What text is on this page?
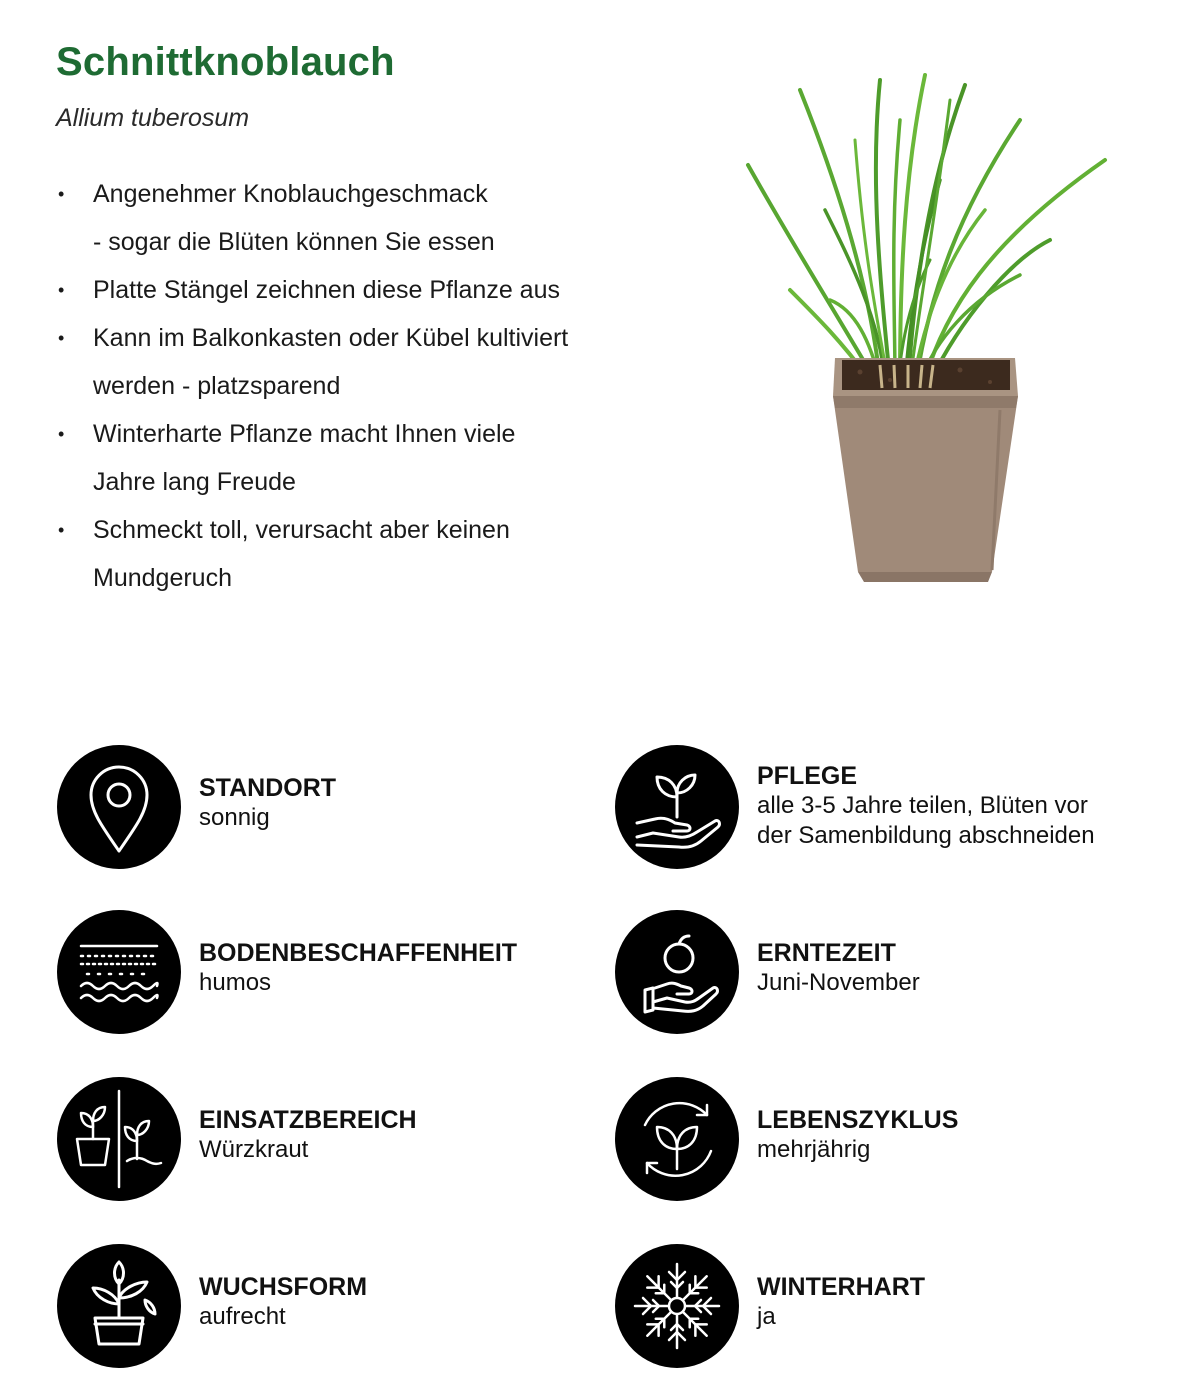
Schnittknoblauch
Allium tuberosum
• Angenehmer Knoblauchgeschmack
- sogar die Blüten können Sie essen
• Platte Stängel zeichnen diese Pflanze aus
• Kann im Balkonkasten oder Kübel kultiviert
werden - platzsparend
• Winterharte Pflanze macht Ihnen viele
Jahre lang Freude
• Schmeckt toll, verursacht aber keinen
Mundgeruch
STANDORT
sonnig
PFLEGE
alle 3-5 Jahre teilen, Blüten vor
der Samenbildung abschneiden
BODENBESCHAFFENHEIT
humos
ERNTEZEIT
Juni-November
EINSATZBEREICH
Würzkraut
LEBENSZYKLUS
mehrjährig
WUCHSFORM
aufrecht
WINTERHART
ja
